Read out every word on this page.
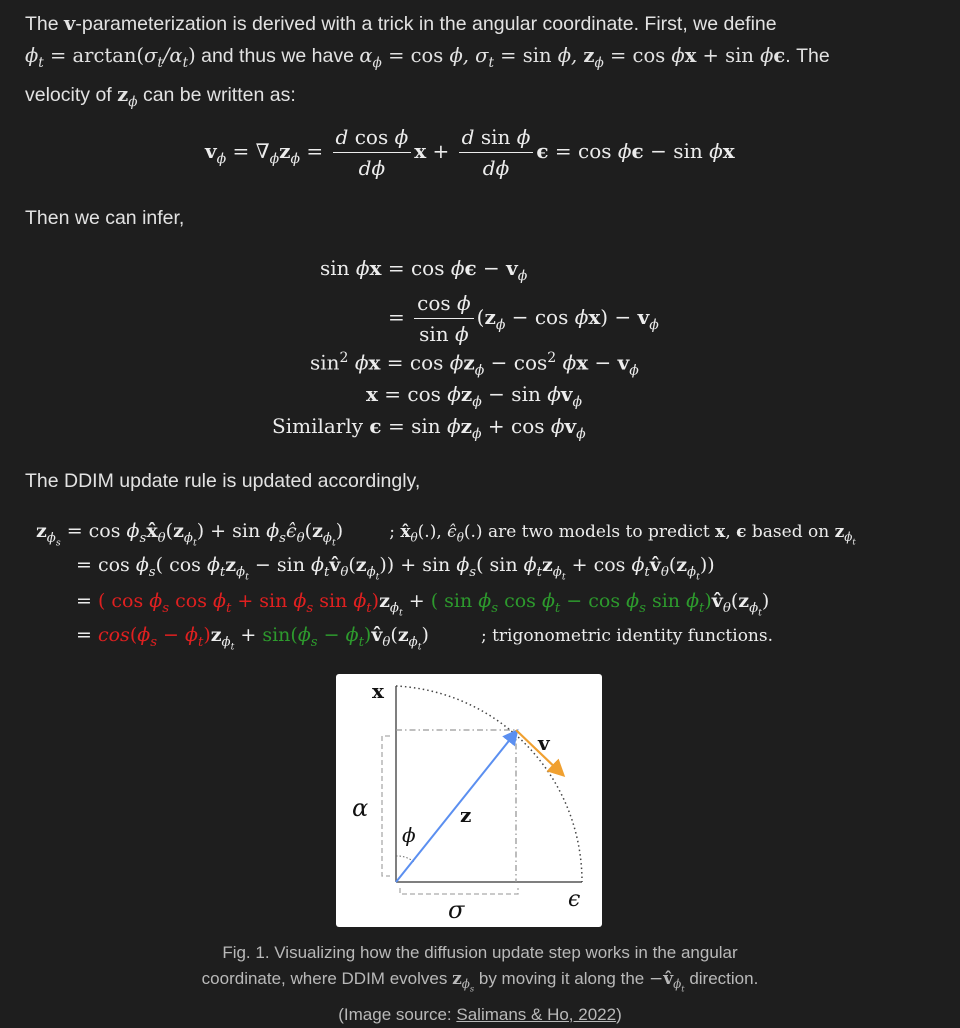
The v-parameterization is derived with a trick in the angular coordinate. First, we define
$\phi_t = \arctan(\sigma_t/\alpha_t)$ and thus we have $\alpha_\phi = \cos \phi$, $\sigma_t = \sin \phi$, $z_\phi = \cos \phi x + \sin \phi\epsilon$. The
velocity of $z_\phi$ can be written as:
$v_\phi = \nabla_\phi z_\phi = \frac{\text{d cos ϕ}}{d\phi}$ $x + \frac{\text{d sin ϕ}}{d\phi}$ ϵ = cos ϕϵ − sin ϕx
Then we can infer,
$\sin \phi x = \cos \phi\epsilon - v_\phi$
= $\frac{\text{cos ϕ}}{\text{sin ϕ}} (z_\phi - \cos \phi x) - v_\phi$
$\sin^2 \phi x = \cos \phi z_\phi - \cos^2 \phi x - v_\phi$
$x = \cos \phi z_\phi - \sin \phi v_\phi$
Similarly $\epsilon = \sin \phi z_\phi + \cos \phi v_\phi$
The DDIM update rule is updated accordingly,
$z_{\phi_s} = \cos$ $\phi_sx̂_\theta(z_{\phi_t}) + \sin$ $\phi_s\epsilon̂_\theta(z_{\phi_t})$  ; $x̂_\theta(.)$, $\epsilon̂_\theta(.)$ are two models to predict x, ϵ based on $z_{\phi_t}$
= $\cos \phi_s$( $\cos \phi_tz_{\phi_t} - \sin$ $\phi_tv̂_\theta(z_{\phi_t})) + \sin \phi_s$( $\sin \phi_tz_{\phi_t} + \cos$ $\phi_tv̂_\theta(z_{\phi_t})$)
= ( $\cos \phi_s$ $\cos \phi_t + \sin \phi_s$ $\sin \phi_t)z_{\phi_t}$ + ( $\sin \phi_s$ $\cos \phi_t - \cos \phi_s$ $\sin \phi_t)v̂_\theta(z_{\phi_t})$
= $\cos(\phi_s - \phi_t)z_{\phi_t} + \sin(\phi_s$ − $\phi_t)v̂_\theta(z_{\phi_t})$	; trigonometric identity functions.
x
v
z
α
ϕ
σ	ϵ
Fig. 1. Visualizing how the diffusion update step works in the angular
coordinate, where DDIM evolves $z_{\phi_s}$ by moving it along the $-v̂_{\phi_t}$ direction.
(Image source: Salimans & Ho, 2022)
